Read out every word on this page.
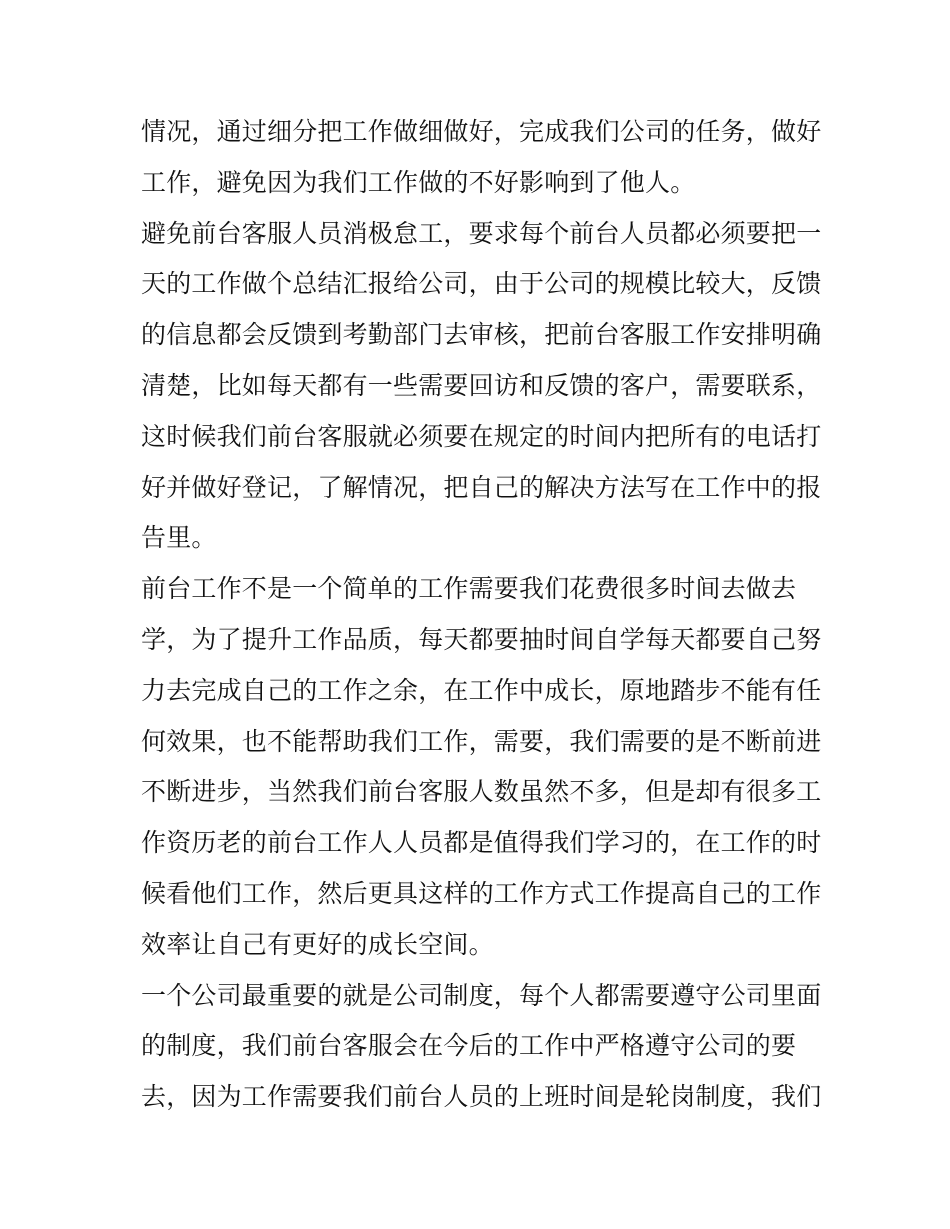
情况，通过细分把工作做细做好，完成我们公司的任务，做好
工作，避免因为我们工作做的不好影响到了他人。
避免前台客服人员消极怠工，要求每个前台人员都必须要把一
天的工作做个总结汇报给公司，由于公司的规模比较大，反馈
的信息都会反馈到考勤部门去审核，把前台客服工作安排明确
清楚，比如每天都有一些需要回访和反馈的客户，需要联系，
这时候我们前台客服就必须要在规定的时间内把所有的电话打
好并做好登记，了解情况，把自己的解决方法写在工作中的报
告里。
前台工作不是一个简单的工作需要我们花费很多时间去做去
学，为了提升工作品质，每天都要抽时间自学每天都要自己努
力去完成自己的工作之余，在工作中成长，原地踏步不能有任
何效果，也不能帮助我们工作，需要，我们需要的是不断前进
不断进步，当然我们前台客服人数虽然不多，但是却有很多工
作资历老的前台工作人人员都是值得我们学习的，在工作的时
候看他们工作，然后更具这样的工作方式工作提高自己的工作
效率让自己有更好的成长空间。
一个公司最重要的就是公司制度，每个人都需要遵守公司里面
的制度，我们前台客服会在今后的工作中严格遵守公司的要
去，因为工作需要我们前台人员的上班时间是轮岗制度，我们
